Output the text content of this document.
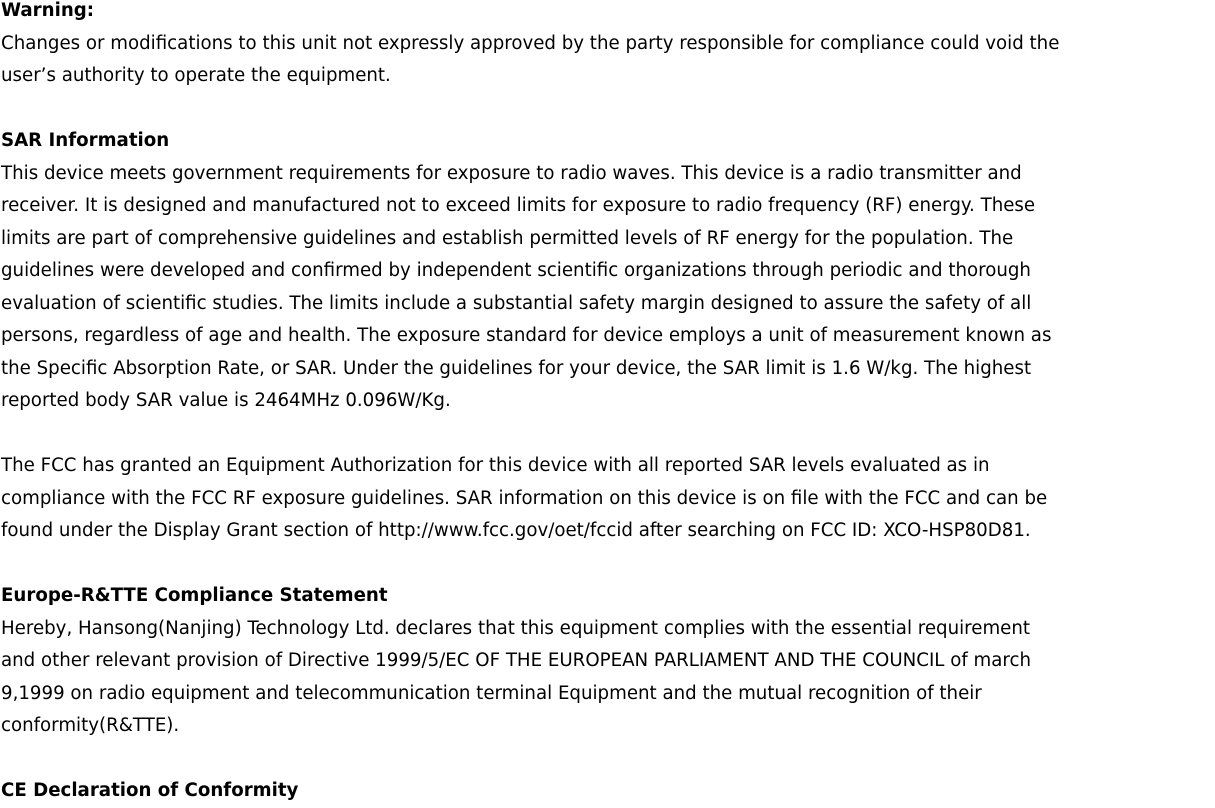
Warning:

Changes or modifications to this unit not expressly approved by the party responsible for compliance could void the

user’s authority to operate the equipment.

SAR Information

This device meets government requirements for exposure to radio waves. This device is a radio transmitter and

receiver. It is designed and manufactured not to exceed limits for exposure to radio frequency (RF) energy. These

limits are part of comprehensive guidelines and establish permitted levels of RF energy for the population. The

guidelines were developed and confirmed by independent scientific organizations through periodic and thorough

evaluation of scientific studies. The limits include a substantial safety margin designed to assure the safety of all

persons, regardless of age and health. The exposure standard for device employs a unit of measurement known as

the Specific Absorption Rate, or SAR. Under the guidelines for your device, the SAR limit is 1.6 W/kg. The highest

reported body SAR value is 2464MHz 0.096W/Kg.

The FCC has granted an Equipment Authorization for this device with all reported SAR levels evaluated as in

compliance with the FCC RF exposure guidelines. SAR information on this device is on file with the FCC and can be

found under the Display Grant section of http://www.fcc.gov/oet/fccid after searching on FCC ID: XCO-HSP80D81.

Europe-R&TTE Compliance Statement

Hereby, Hansong(Nanjing) Technology Ltd. declares that this equipment complies with the essential requirement

and other relevant provision of Directive 1999/5/EC OF THE EUROPEAN PARLIAMENT AND THE COUNCIL of march

9,1999 on radio equipment and telecommunication terminal Equipment and the mutual recognition of their

conformity(R&TTE).

CE Declaration of Conformity
